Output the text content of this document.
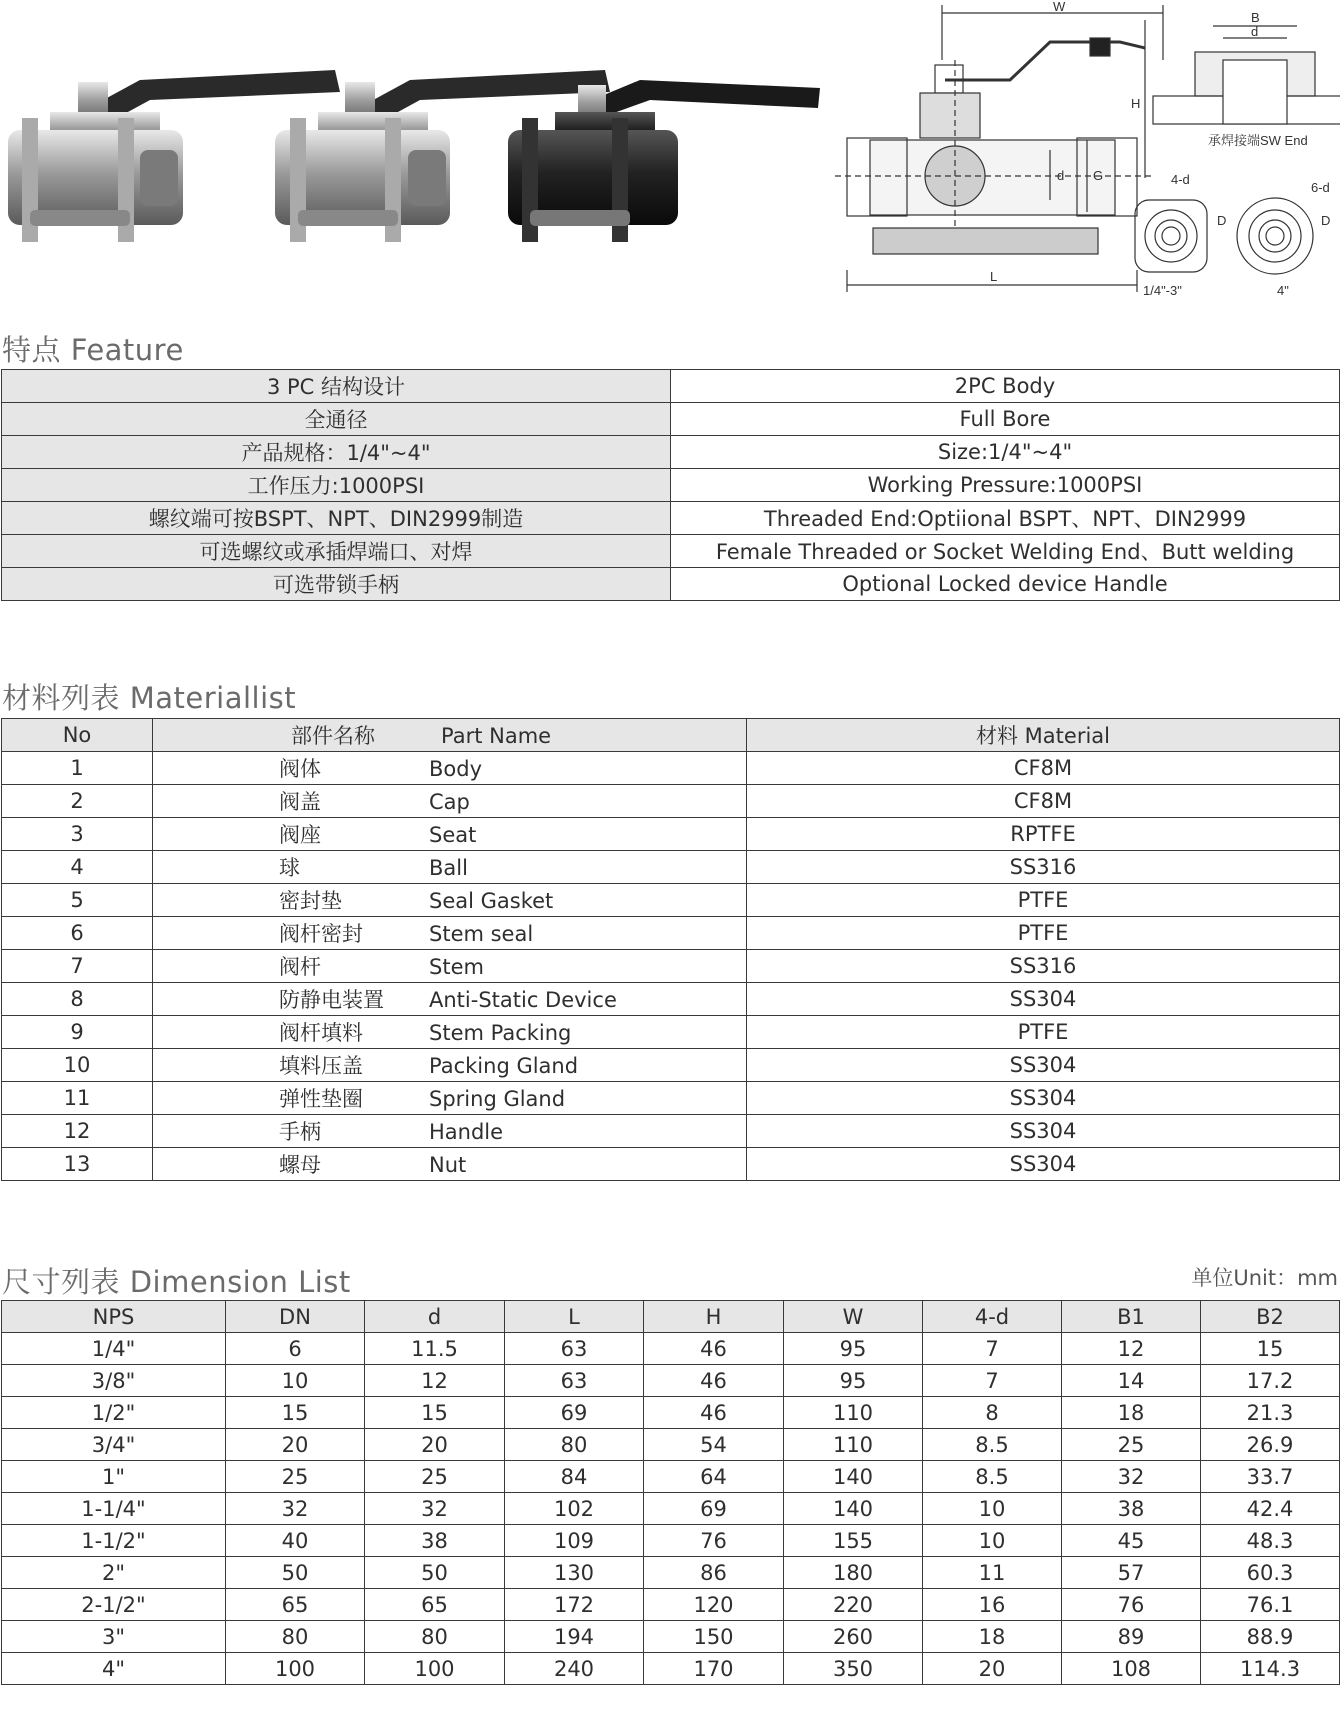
W
H
d G
L
B
d
承焊接端SW End
4-d
D
1/4"-3"
6-d
D
4"
特点 Feature
3 PC 结构设计	2PC Body
全通径	Full Bore
产品规格：1/4"~4"	Size:1/4"~4"
工作压力:1000PSI	Working Pressure:1000PSI
螺纹端可按BSPT、NPT、DIN2999制造	Threaded End:Optiional BSPT、NPT、DIN2999
可选螺纹或承插焊端口、对焊	Female Threaded or Socket Welding End、Butt welding
可选带锁手柄	Optional Locked device Handle
材料列表 Materiallist
No	部件名称 Part Name	材料 Material
1	阀体 Body	CF8M
2	阀盖 Cap	CF8M
3	阀座 Seat	RPTFE
4	球 Ball	SS316
5	密封垫 Seal Gasket	PTFE
6	阀杆密封 Stem seal	PTFE
7	阀杆 Stem	SS316
8	防静电装置Anti-Static Device	SS304
9	阀杆填料 Stem Packing	PTFE
10	填料压盖 Packing Gland	SS304
11	弹性垫圈 Spring Gland	SS304
12	手柄 Handle	SS304
13	螺母 Nut	SS304
尺寸列表 Dimension List	单位Unit：mm
NPS	DN	d	L	H	W	4-d	B1	B2
1/4"	6	11.5	63	46	95	7	12	15
3/8"	10	12	63	46	95	7	14	17.2
1/2"	15	15	69	46	110	8	18	21.3
3/4"	20	20	80	54	110	8.5	25	26.9
1"	25	25	84	64	140	8.5	32	33.7
1-1/4"	32	32	102	69	140	10	38	42.4
1-1/2"	40	38	109	76	155	10	45	48.3
2"	50	50	130	86	180	11	57	60.3
2-1/2"	65	65	172	120	220	16	76	76.1
3"	80	80	194	150	260	18	89	88.9
4"	100	100	240	170	350	20	108	114.3
